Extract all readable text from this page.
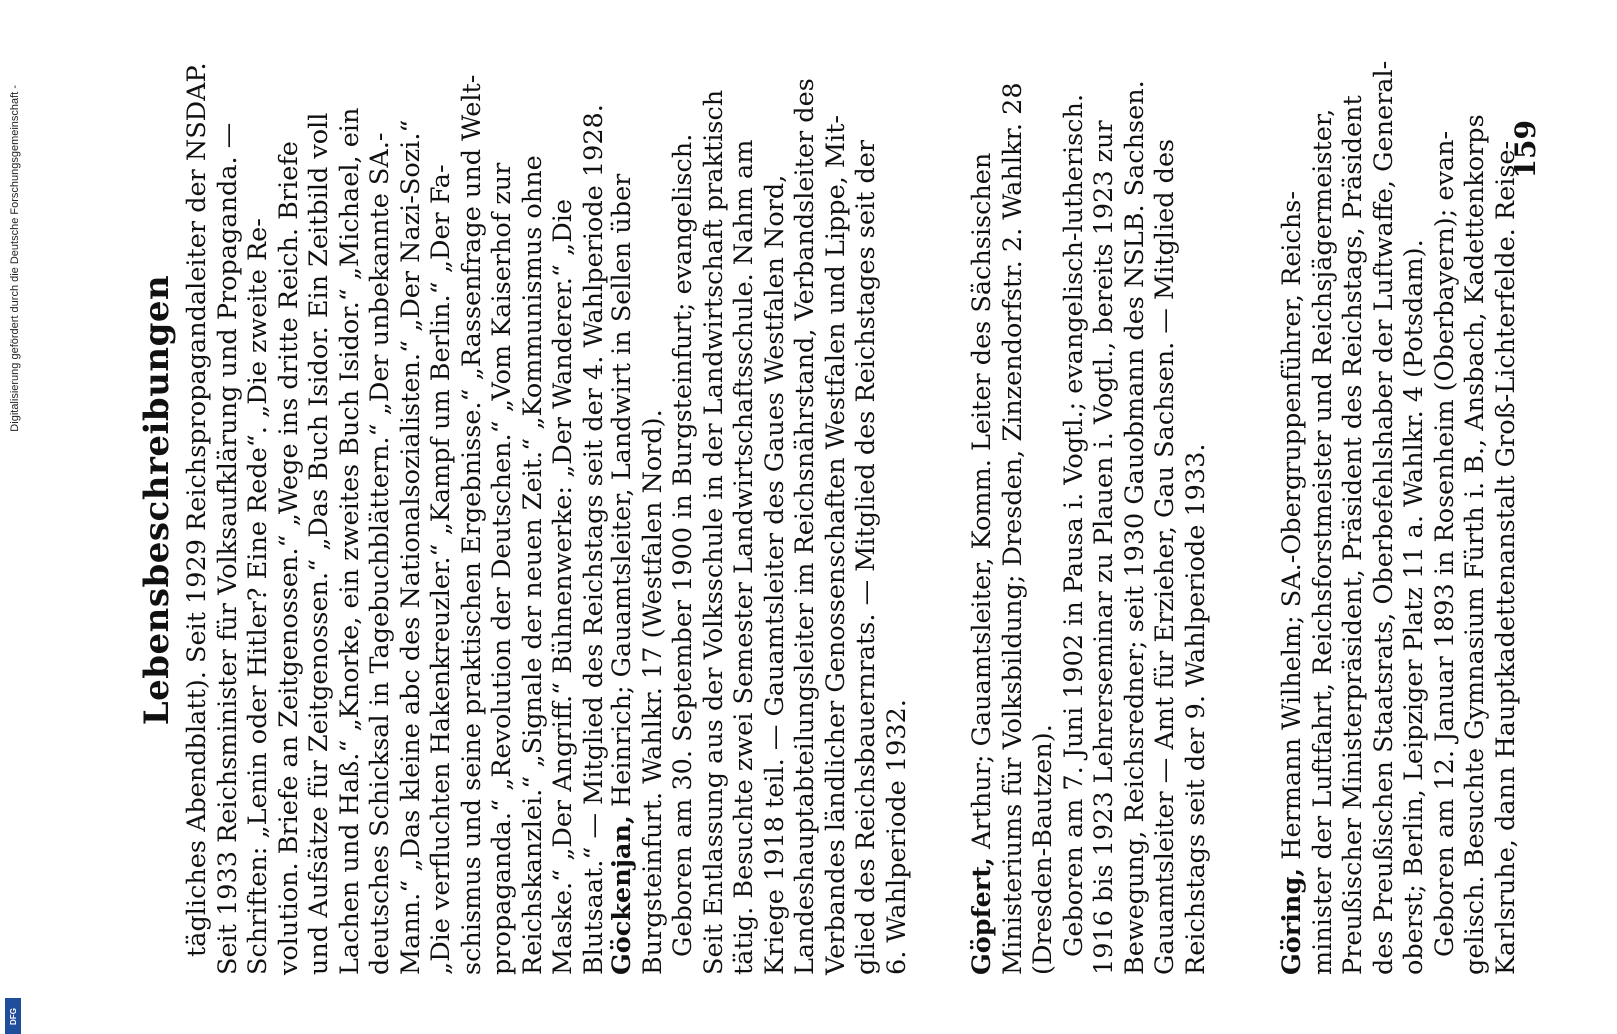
Lebensbeschreibungen tägliches Abendblatt). Seit 1929 Reichspropagandaleiter der NSDAP. Seit 1933 Reichsminister für Volksaufklärung und Propaganda. — Schriften: „Lenin oder Hitler? Eine Rede“. „Die zweite Re- volution. Briefe an Zeitgenossen.“ „Wege ins dritte Reich. Briefe und Aufsätze für Zeitgenossen.“ „Das Buch Isidor. Ein Zeitbild voll Lachen und Haß.“ „Knorke, ein zweites Buch Isidor.“ „Michael, ein deutsches Schicksal in Tagebuchblättern.“ „Der unbekannte SA.- Mann.“ „Das kleine abc des Nationalsozialisten.“ „Der Nazi-Sozi.“ „Die verfluchten Hakenkreuzler.“ „Kampf um Berlin.“ „Der Fa- schismus und seine praktischen Ergebnisse.“ „Rassenfrage und Welt- propaganda.“ „Revolution der Deutschen.“ „Vom Kaiserhof zur Reichskanzlei.“ „Signale der neuen Zeit.“ „Kommunismus ohne Maske.“ „Der Angriff.“ Bühnenwerke: „Der Wanderer.“ „Die Blutsaat.“ — Mitglied des Reichstags seit der 4. Wahlperiode 1928.

Göckenjan, Heinrich; Gauamtsleiter, Landwirt in Sellen über Burgsteinfurt. Wahlkr. 17 (Westfalen Nord). Geboren am 30. September 1900 in Burgsteinfurt; evangelisch. Seit Entlassung aus der Volksschule in der Landwirtschaft praktisch tätig. Besuchte zwei Semester Landwirtschaftsschule. Nahm am Kriege 1918 teil. — Gauamtsleiter des Gaues Westfalen Nord, Landeshauptabteilungsleiter im Reichsnährstand, Verbandsleiter des Verbandes ländlicher Genossenschaften Westfalen und Lippe, Mit- glied des Reichsbauernrats. — Mitglied des Reichstages seit der 6. Wahlperiode 1932. Göpfert, Arthur; Gauamtsleiter, Komm. Leiter des Sächsischen Ministeriums für Volksbildung; Dresden, Zinzendorfstr. 2. Wahlkr. 28 (Dresden-Bautzen). Geboren am 7. Juni 1902 in Pausa i. Vogtl.; evangelisch-lutherisch. 1916 bis 1923 Lehrerseminar zu Plauen i. Vogtl., bereits 1923 zur Bewegung, Reichsredner; seit 1930 Gauobmann des NSLB. Sachsen. Gauamtsleiter — Amt für Erzieher, Gau Sachsen. — Mitglied des Reichstags seit der 9. Wahlperiode 1933.	Göring, Hermann Wilhelm; SA.-Obergruppenführer, Reichs- minister der Luftfahrt, Reichsforstmeister und Reichsjägermeister, Preußischer Ministerpräsident, Präsident des Reichstags, Präsident des Preußischen Staatsrats, Oberbefehlshaber der Luftwaffe, General- oberst; Berlin, Leipziger Platz 11 a. Wahlkr. 4 (Potsdam). Geboren am 12. Januar 1893 in Rosenheim (Oberbayern); evan- gelisch. Besuchte Gymnasium Fürth i. B., Ansbach, Kadettenkorps Karlsruhe, dann Hauptkadettenanstalt Groß-Lichterfelde. Reise-

159
Digitalisierung gefördert durch die Deutsche Forschungsgemeinschaft -
DFG
